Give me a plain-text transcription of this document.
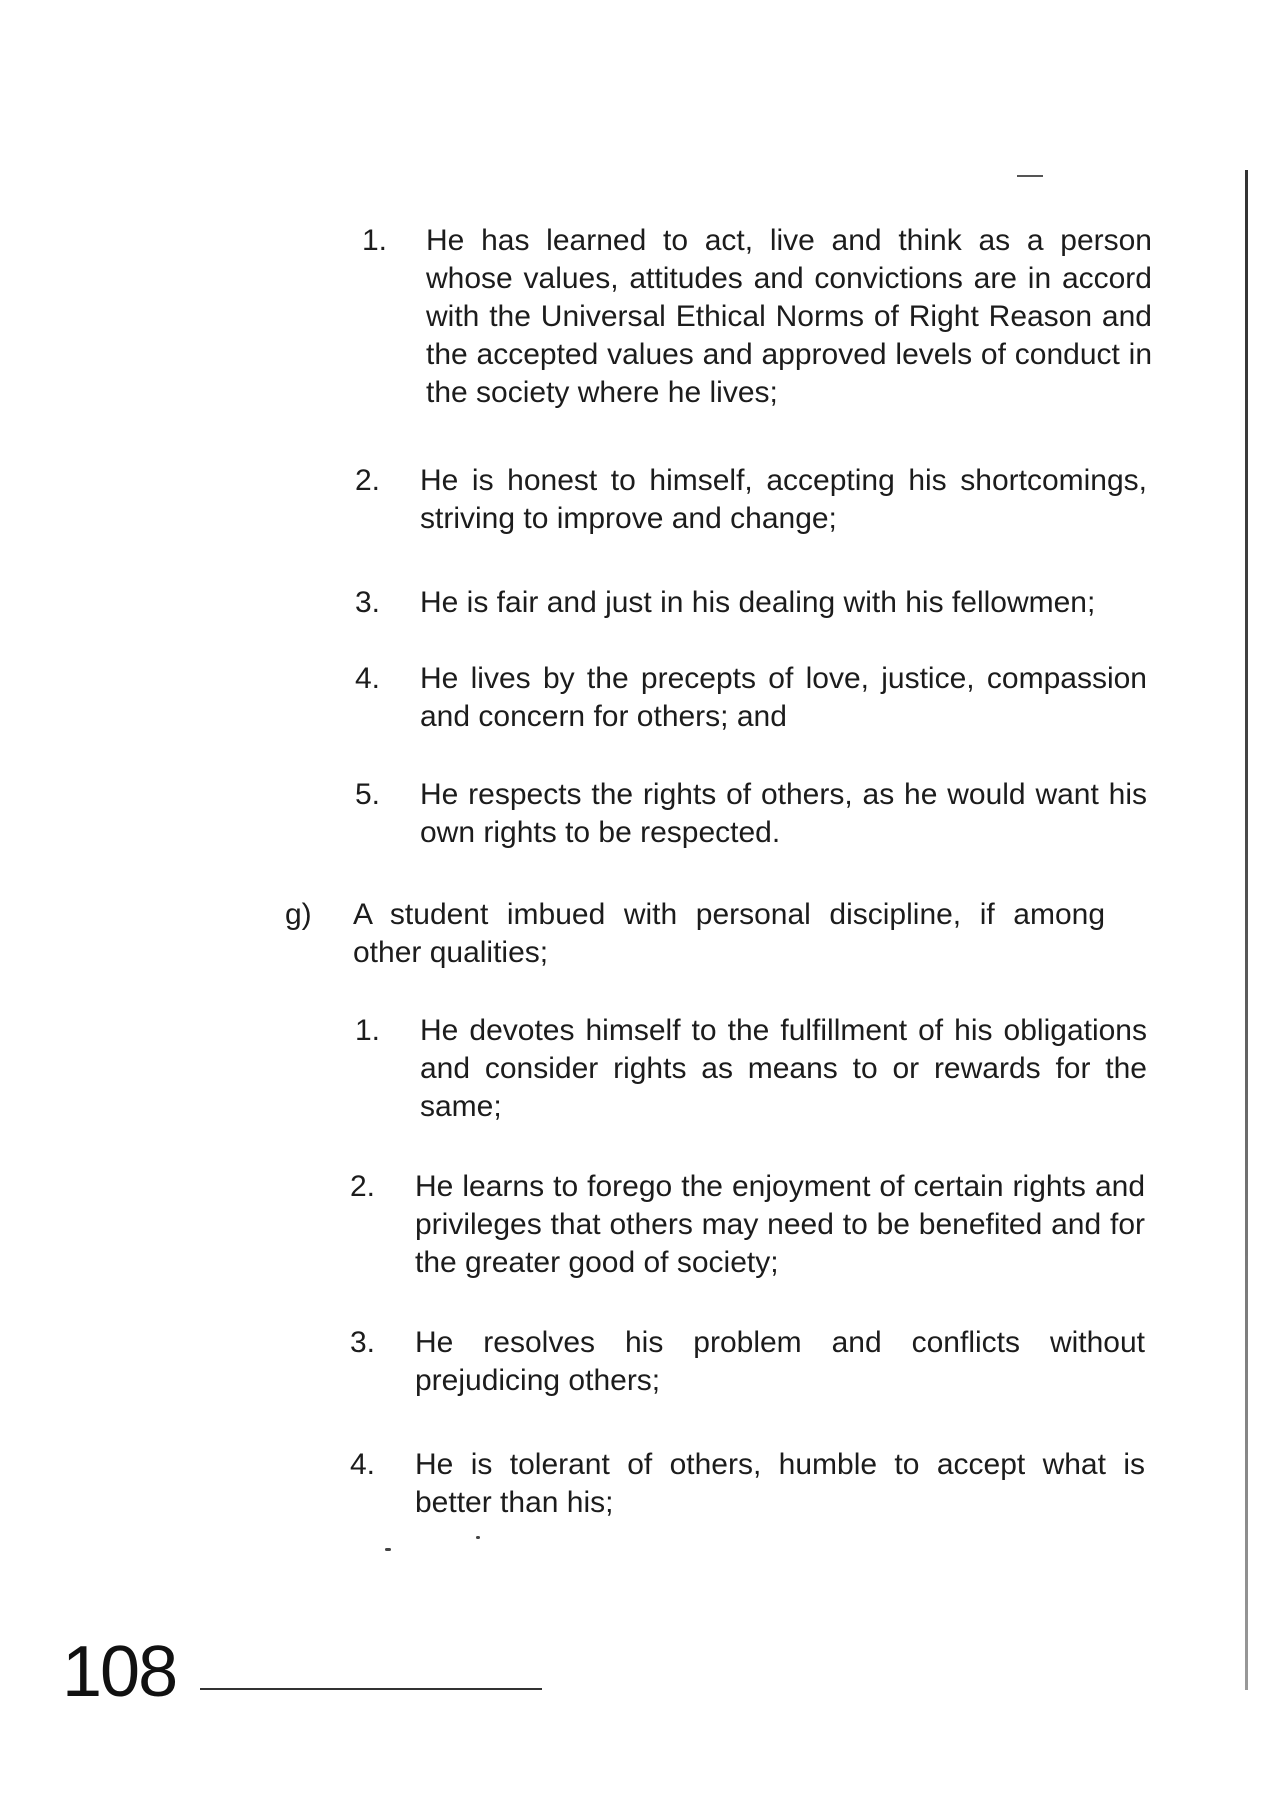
1. He has learned to act, live and think as a person whose values, attitudes and convictions are in accord with the Universal Ethical Norms of Right Reason and the accepted values and approved levels of conduct in the society where he lives;
2. He is honest to himself, accepting his shortcomings, striving to improve and change;
3. He is fair and just in his dealing with his fellowmen;
4. He lives by the precepts of love, justice, compassion and concern for others; and
5. He respects the rights of others, as he would want his own rights to be respected.
g) A student imbued with personal discipline, if among other qualities;
1. He devotes himself to the fulfillment of his obligations and consider rights as means to or rewards for the same;
2. He learns to forego the enjoyment of certain rights and privileges that others may need to be benefited and for the greater good of society;
3. He resolves his problem and conflicts without prejudicing others;
4. He is tolerant of others, humble to accept what is better than his;
108
